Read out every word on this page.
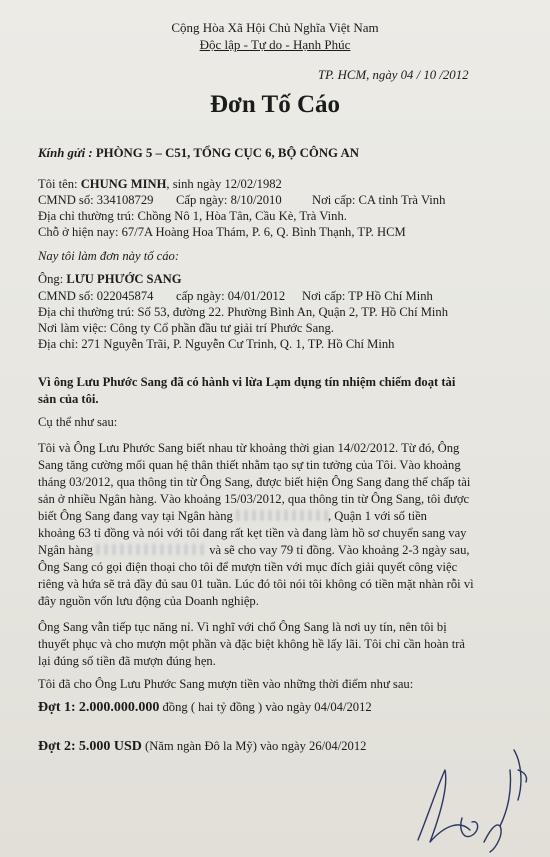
Cộng Hòa Xã Hội Chủ Nghĩa Việt Nam
Độc lập - Tự do - Hạnh Phúc
TP. HCM, ngày 04 / 10 /2012
Đơn Tố Cáo
Kính gửi : PHÒNG 5 – C51, TỔNG CỤC 6, BỘ CÔNG AN
Tôi tên: CHUNG MINH, sinh ngày 12/02/1982
CMND số: 334108729 Cấp ngày: 8/10/2010 Nơi cấp: CA tỉnh Trà Vinh
Địa chỉ thường trú: Chồng Nô 1, Hòa Tân, Cầu Kè, Trà Vinh.
Chỗ ở hiện nay: 67/7A Hoàng Hoa Thám, P. 6, Q. Bình Thạnh, TP. HCM
Nay tôi làm đơn này tố cáo:
Ông: LƯU PHƯỚC SANG
CMND số: 022045874 cấp ngày: 04/01/2012 Nơi cấp: TP Hồ Chí Minh
Địa chỉ thường trú: Số 53, đường 22. Phường Bình An, Quận 2, TP. Hồ Chí Minh
Nơi làm việc: Công ty Cổ phần đầu tư giải trí Phước Sang.
Địa chỉ: 271 Nguyễn Trãi, P. Nguyễn Cư Trinh, Q. 1, TP. Hồ Chí Minh
Vì ông Lưu Phước Sang đã có hành vi lừa Lạm dụng tín nhiệm chiếm đoạt tài
sản của tôi.
Cụ thể như sau:
Tôi và Ông Lưu Phước Sang biết nhau từ khoảng thời gian 14/02/2012. Từ đó, Ông
Sang tăng cường mối quan hệ thân thiết nhằm tạo sự tin tưởng của Tôi. Vào khoảng
tháng 03/2012, qua thông tin từ Ông Sang, được biết hiện Ông Sang đang thế chấp tài
sản ở nhiều Ngân hàng. Vào khoảng 15/03/2012, qua thông tin từ Ông Sang, tôi được
biết Ông Sang đang vay tại Ngân hàng	, Quận 1 với số tiền
khoảng 63 tỉ đồng và nói với tôi đang rất kẹt tiền và đang làm hồ sơ chuyển sang vay
Ngân hàng	và sẽ cho vay 79 tỉ đồng. Vào khoảng 2-3 ngày sau,
Ông Sang có gọi điện thoại cho tôi để mượn tiền với mục đích giải quyết công việc
riêng và hứa sẽ trả đầy đủ sau 01 tuần. Lúc đó tôi nói tôi không có tiền mặt nhàn rỗi vì
đây nguồn vốn lưu động của Doanh nghiệp.
Ông Sang vẫn tiếp tục năng nỉ. Vì nghĩ với chổ Ông Sang là nơi uy tín, nên tôi bị
thuyết phục và cho mượn một phần và đặc biệt không hề lấy lãi. Tôi chỉ cần hoàn trả
lại đúng số tiền đã mượn đúng hẹn.
Tôi đã cho Ông Lưu Phước Sang mượn tiền vào những thời điểm như sau:
Đợt 1: 2.000.000.000 đồng ( hai tỷ đồng ) vào ngày 04/04/2012
Đợt 2: 5.000 USD (Năm ngàn Đô la Mỹ) vào ngày 26/04/2012
